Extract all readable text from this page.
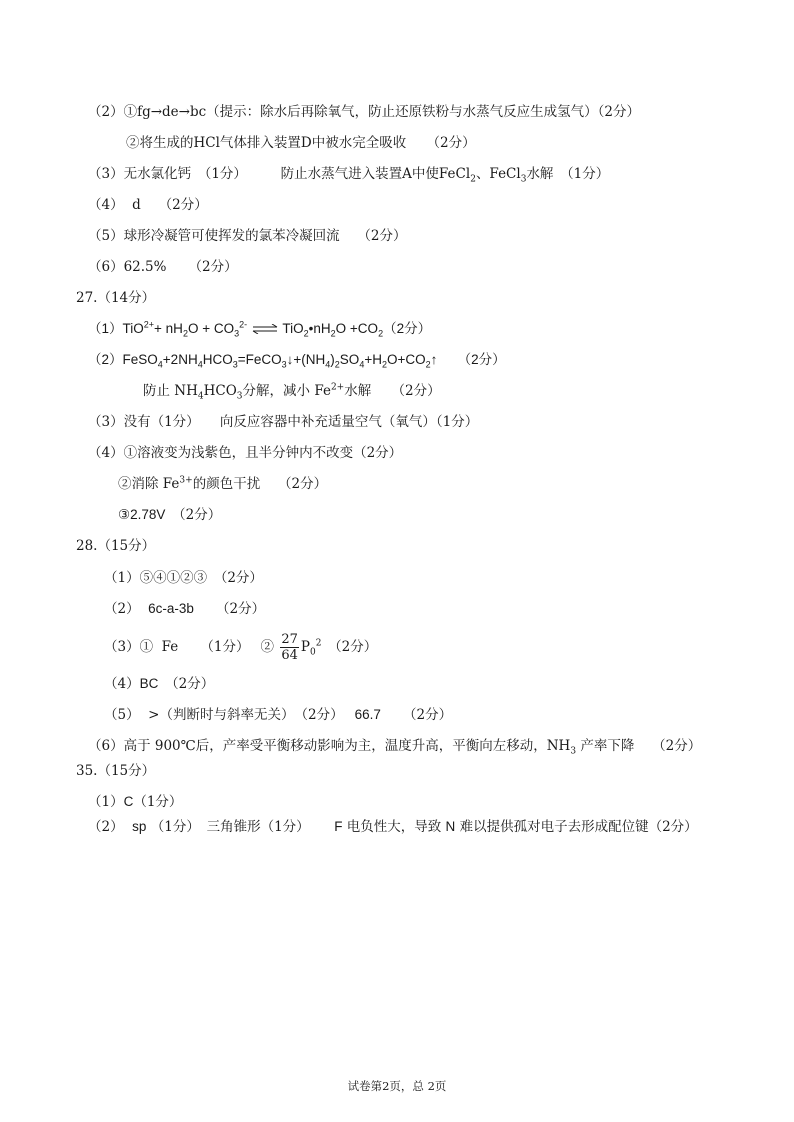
（2）①fg→de→bc（提示：除水后再除氧气，防止还原铁粉与水蒸气反应生成氢气）（2分）
②将生成的HCl气体排入装置D中被水完全吸收　　（2分）
（3）无水氯化钙　（1分）　　　防止水蒸气进入装置A中使FeCl$_2$、FeCl$_3$水解　（1分）
（4）  d　 （2分）
（5）球形冷凝管可使挥发的氯苯冷凝回流　 （2分）
（6）62.5%　  （2分）
27.（14分）
$(1)TiO^{2+}+ nH_2O + CO_3^{2-}$ ⇌ $TiO_2•nH_2O +CO_2(2$分）
$(2)FeSO_4+2NH_4HCO_3=FeCO_3↓+(NH_4)_2SO_4+H_2O+CO_2↑$　　（2分）
防止 $NH_4HCO_3$分解，减小 $Fe^{2+}$水解　　（2分）
（3）没有（1分）　　向反应容器中补充适量空气（氧气）（1分）
（4）①溶液变为浅紫色，且半分钟内不改变（2分）
②消除 $Fe^{3+}$的颜色干扰　 （2分）
③2.78V　（2分）
28.（15分）
（1）⑤④①②③　（2分）
（2）  6c-a-3b　  （2分）
（3）①  Fe　  （1分）　 ② $\frac{27}{64} P_0^2$　（2分）
（4）BC　（2分）
（5）  >（判断时与斜率无关）　（2分）　 66.7　  （2分）
（6）高于 900℃后，产率受平衡移动影响为主，温度升高，平衡向左移动，$NH_3$ 产率下降　 （2分）
35.（15分）
（1）C（1分）
（2）  sp （1分）　三角锥形（1分）　　 F 电负性大，导致 N 难以提供孤对电子去形成配位键（2分）
试卷第2页，总 2页
